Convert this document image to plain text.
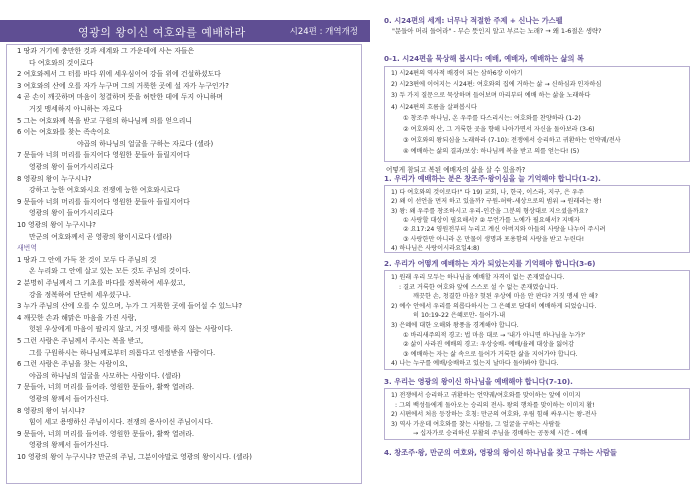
영광의 왕이신 여호와를 예배하라	시24편 : 개역개정
1 땅과 거기에 충만한 것과 세계와 그 가운데에 사는 자들은
다 여호와의 것이로다
2 여호와께서 그 터를 바다 위에 세우심이여 강들 위에 건설하셨도다
3 여호와의 산에 오를 자가 누구며 그의 거룩한 곳에 설 자가 누구인가?
4 곧 손이 깨끗하며 마음이 청결하며 뜻을 허탄한 데에 두지 아니하며
거짓 맹세하지 아니하는 자로다
5 그는 여호와께 복을 받고 구원의 하나님께 의를 얻으리니
6 이는 여호와를 찾는 족속이요
야곱의 하나님의 얼굴을 구하는 자로다 (셀라)
7 문들아 너희 머리를 들지어다 영원한 문들아 들릴지어다
영광의 왕이 들어가시리로다
8 영광의 왕이 누구시냐?
강하고 능한 여호와시요 전쟁에 능한 여호와시로다
9 문들아 너희 머리를 들지어다 영원한 문들아 들릴지어다
영광의 왕이 들어가시리로다
10 영광의 왕이 누구시냐?
만군의 여호와께서 곧 영광의 왕이시로다 (셀라)
새번역
1 땅과 그 안에 가득 찬 것이 모두 다 주님의 것
온 누리와 그 안에 살고 있는 모든 것도 주님의 것이다.
2 분명히 주님께서 그 기초를 바다를 정복하여 세우셨고,
강을 정복하여 단단히 세우셨구나.
3 누가 주님의 산에 오를 수 있으며, 누가 그 거룩한 곳에 들어설 수 있느냐?
4 깨끗한 손과 해맑은 마음을 가진 사람,
헛된 우상에게 마음이 팔리지 않고, 거짓 맹세를 하지 않는 사람이다.
5 그런 사람은 주님께서 주시는 복을 받고,
그를 구원하시는 하나님께로부터 의롭다고 인정받을 사람이다.
6 그런 사람은 주님을 찾는 사람이요,
야곱의 하나님의 얼굴을 사모하는 사람이다. (셀라)
7 문들아, 너희 머리를 들어라. 영원한 문들아, 활짝 열려라.
영광의 왕께서 들어가신다.
8 영광의 왕이 뉘시냐?
힘이 세고 용맹하신 주님이시다. 전쟁의 용사이신 주님이시다.
9 문들아, 너희 머리를 들어라. 영원한 문들아, 활짝 열려라.
영광의 왕께서 들어가신다.
10 영광의 왕이 누구시냐? 만군의 주님, 그분이야말로 영광의 왕이시다. (셀라)
0. 시24편의 세계: 너무나 적절한 주제 + 신나는 가스펠
"문들아 머리 들어라" - 무슨 뜻인지 알고 부르는 노래? → 왜 1-6절은 생략?
0-1. 시24편을 묵상해 봅시다: 예배, 예배자, 예배하는 삶의 복
1) 시24편의 역사적 배경이 되는 삼하6장 이야기
2) 시23편에 이어지는 시24편: 여호와의 집에 거하는 삶 → 신하심과 인자하심
3) 두 가지 질문으로 묵상하며 들어보며 마리부터 예배 하는 삶을 노래하다
4) 시24편의 흐름을 살펴봅시다
① 창조주 하나님, 온 우주를 다스리시는: 여호와를 찬양하라 (1-2)
② 여호와의 산, 그 거룩한 곳을 향해 나아가면서 자신을 돌아보라 (3-6)
③ 여호와의 왕되심을 노래하라 (7-10): 전쟁에서 승리하고 귀환하는 언약궤/전사
④ 예배하는 삶의 결과/보상: 하나님께 복을 받고 의를 얻는다! (5)
어떻게 참되고 복된 예배자의 삶을 살 수 있을까?
1. 우리가 예배하는 분은 창조주·왕이심을 늘 기억해야 합니다(1-2).
1) 다 여호와의 것이로다!" 다 19) 교회, 나, 한국, 이스라, 지구, 은 우주
2) 왜 이 선언을 먼저 하고 있을까? 구원-허락-세상으로의 범위 → 원래라는 왕!
3) 왕: 왜 우주를 창조하시고 우리-인간을 그분의 형상대로 지으셨을까요?
① 사랑할 대상이 필요해서? ② 무언가를 노예가 필요해서? 지배자
② 요17:24 영원전부터 누리고 계신 아버지와 아들의 사랑을 나누어 주시려
③ 사랑한만 아니라 온 만물이 생명과 포용함의 사랑을 받고 누린다!
4) 하나님은 사랑이시라요일4:8)
2. 우리가 어떻게 예배하는 자가 되었는지를 기억해야 합니다(3-6)
1) 원래 우리 모두는 하나님을 예배할 자격이 없는 존재였습니다.
: 결코 거룩한 여호와 앞에 스스로 설 수 없는 존재였습니다.
깨끗한 손, 청결한 마음? 헛된 우상에 마음 안 판다? 거짓 맹세 안 해?
2) 예수 안에서 우리를 의롭다하시는 그 은혜로 담대히 예배하게 되었습니다.
히 10:19-22 은혜로만- 들어가-내
3) 은혜에 대한 오해와 왕풍을 경계해야 합니다.
① 바리새주의적 경고: 법 마음 대로 → '내가 아니면 하나님을 누가?'
② 삶이 사라진 예배의 경고: 우상숭배- 예배/율례 대상을 잃어감
③ 예배하는 자는 삶 속으로 들어가 거룩한 삶을 지어가야 합니다.
4) 나는 누구를 예배/숭배하고 있는지 날마다 돌아봐야 합니다.
3. 우리는 영광의 왕이신 하나님을 예배해야 합니다(7-10).
1) 전쟁에서 승리하고 귀환하는 언약궤/여호와를 맞이하는 앞에 이미지
: 그의 백성들에게 돌아오는 승리의 전사- 왕의 행차를 맞이하는 이미지 활!
2) 시편에서 처음 등장하는 호칭: 만군의 여호와, 우림 힘해 싸우시는 왕-전사
3) 역사 가운데 여호와를 찾는 사람들, 그 얼굴을 구하는 사람들
→ 십자가로 승리하신 부활의 주님을 경배하는 공동체 시간 - 예배
4. 창조주·왕, 만군의 여호와, 영광의 왕이신 하나님을 찾고 구하는 사람들
